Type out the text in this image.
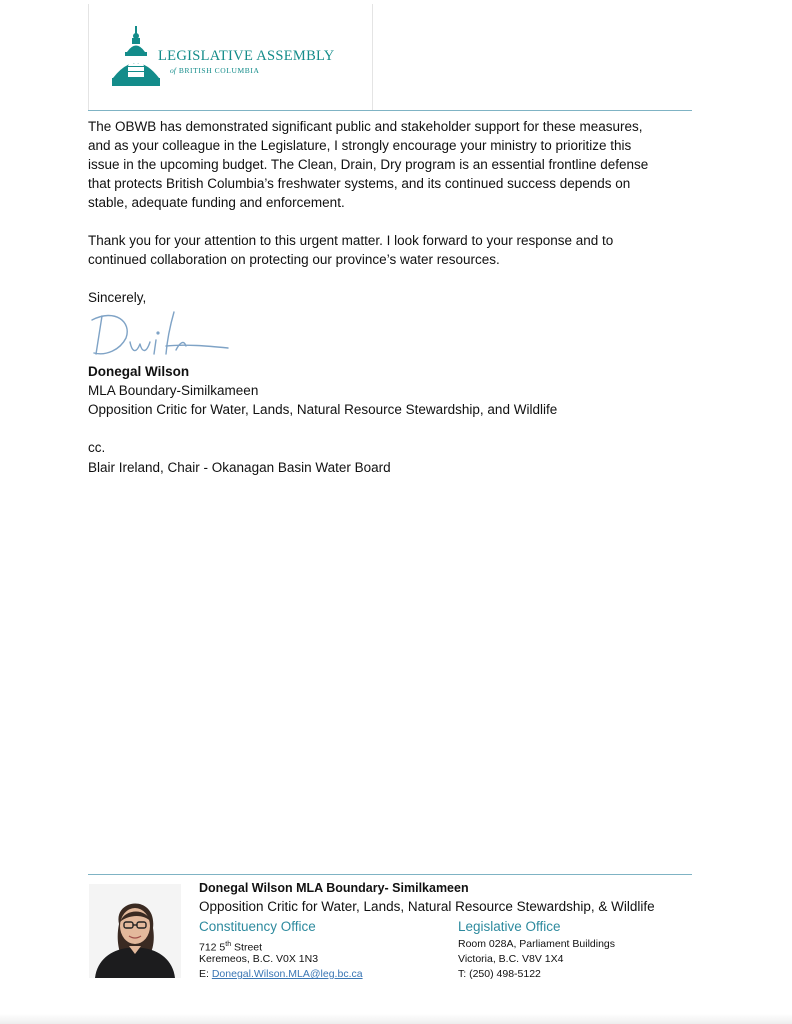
LEGISLATIVE ASSEMBLY
of BRITISH COLUMBIA
The OBWB has demonstrated significant public and stakeholder support for these measures,
and as your colleague in the Legislature, I strongly encourage your ministry to prioritize this
issue in the upcoming budget. The Clean, Drain, Dry program is an essential frontline defense
that protects British Columbia’s freshwater systems, and its continued success depends on
stable, adequate funding and enforcement.
Thank you for your attention to this urgent matter. I look forward to your response and to
continued collaboration on protecting our province’s water resources.
Sincerely,
Donegal Wilson
MLA Boundary-Similkameen
Opposition Critic for Water, Lands, Natural Resource Stewardship, and Wildlife
cc.
Blair Ireland, Chair - Okanagan Basin Water Board
Donegal Wilson MLA Boundary- Similkameen
Opposition Critic for Water, Lands, Natural Resource Stewardship, & Wildlife
Constituency Office
712 5th Street
Keremeos, B.C. V0X 1N3
E: Donegal.Wilson.MLA@leg.bc.ca
Legislative Office
Room 028A, Parliament Buildings
Victoria, B.C. V8V 1X4
T: (250) 498-5122
